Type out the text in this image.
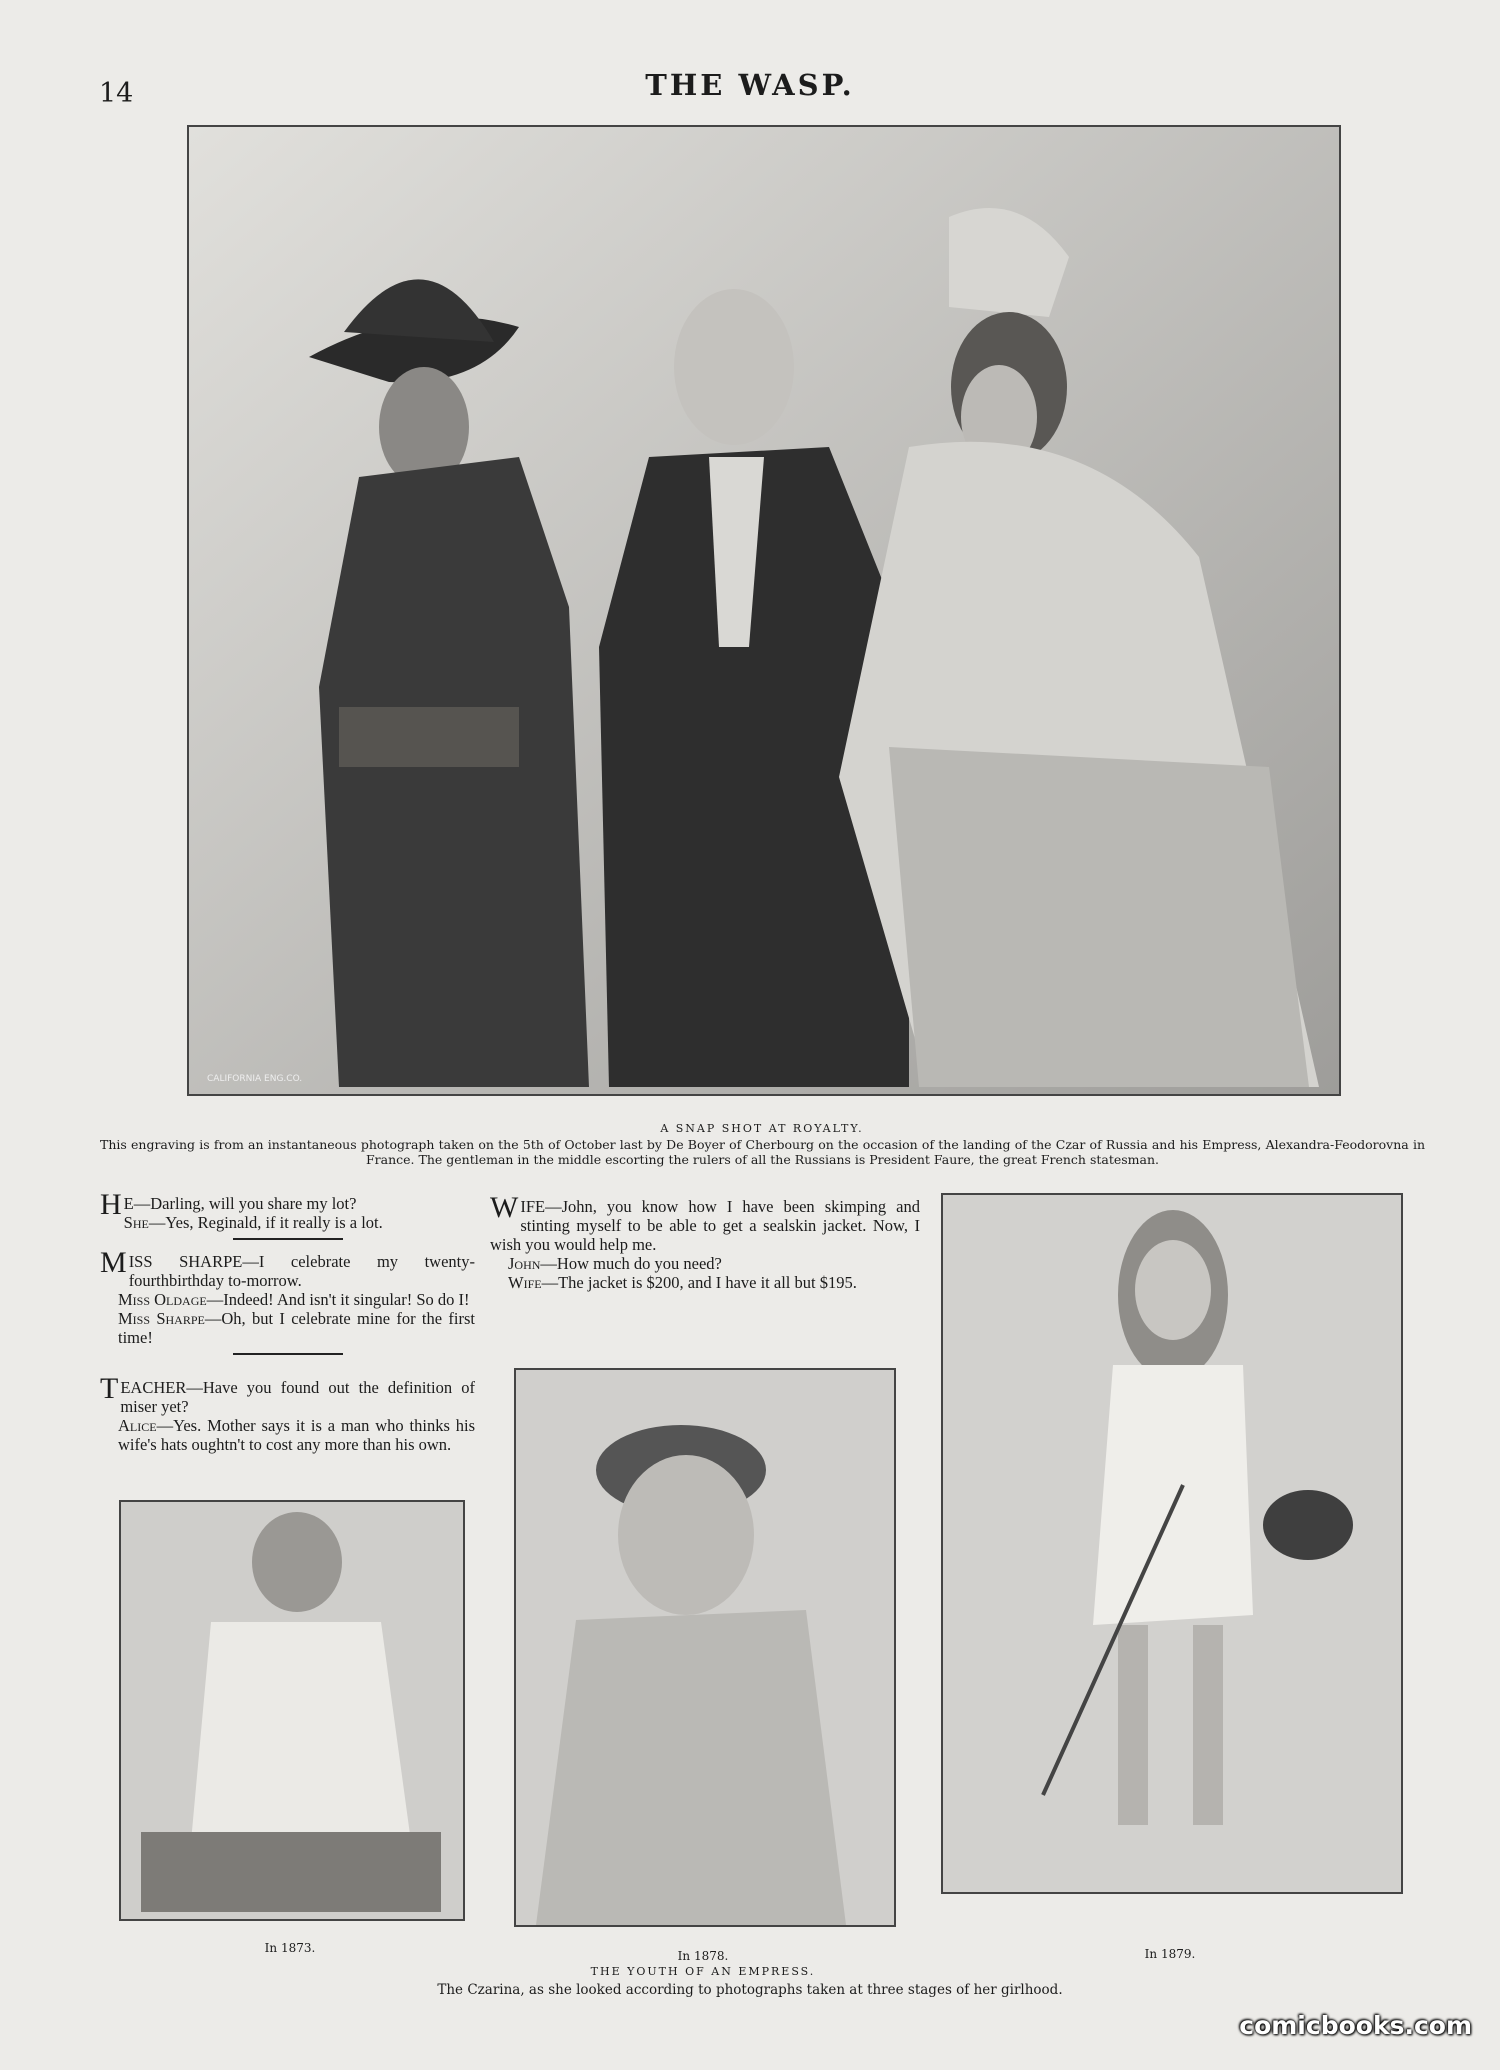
14	THE WASP.
CALIFORNIA ENG.CO.
A SNAP SHOT AT ROYALTY.
This engraving is from an instantaneous photograph taken on the 5th of October last by De Boyer of Cherbourg on the occasion of the landing of the Czar of Russia and his Empress, Alexandra-Feodorovna in France. The gentleman in the middle escorting the rulers of all the Russians is President Faure, the great French statesman.

H E—Darling, will you share my lot?

She—Yes, Reginald, if it really is a lot.

MISS SHARPE—I celebrate my twenty-fourthbirthday to-morrow.

Miss Oldage—Indeed! And isn't it singular! So do I!

Miss Sharpe—Oh, but I celebrate mine for the first time!

TEACHER—Have you found out the definition of miser yet?

Alice—Yes. Mother says it is a man who thinks his wife's hats oughtn't to cost any more than his own.

WIFE—John, you know how I have been skimping and stinting myself to be able to get a sealskin jacket. Now, I wish you would help me.

John—How much do you need?

Wife—The jacket is $200, and I have it all but $195.

In 1873.
In 1878.	In 1879.
THE YOUTH OF AN EMPRESS.
The Czarina, as she looked according to photographs taken at three stages of her girlhood.
comicbooks.com
